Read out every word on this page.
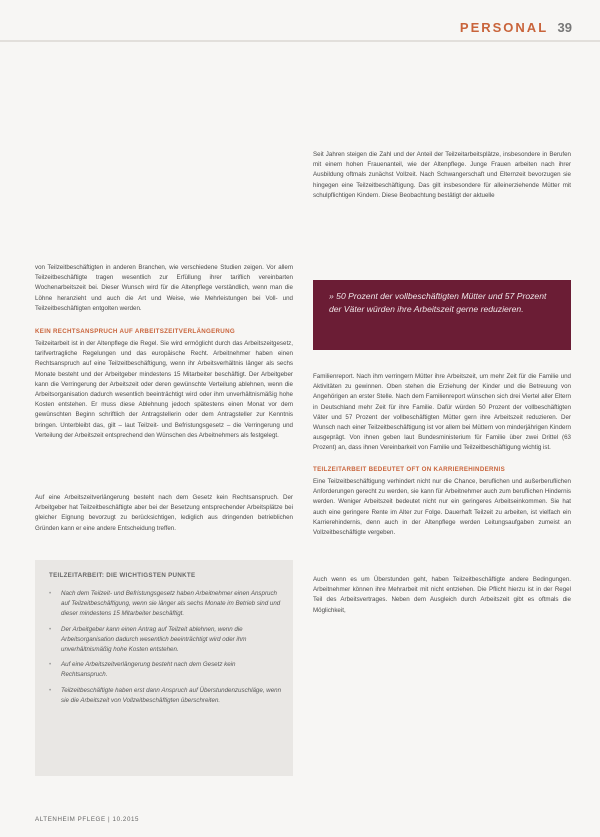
PERSONAL 39

Seit Jahren steigen die Zahl und der Anteil der Teilzeitarbeitsplätze, insbesondere in Berufen mit einem hohen Frauenanteil, wie der Altenpflege. Junge Frauen arbeiten nach ihrer Ausbildung oftmals zunächst Vollzeit. Nach Schwangerschaft und Elternzeit bevorzugen sie hingegen eine Teilzeitbeschäftigung. Das gilt insbesondere für alleinerziehende Mütter mit schulpflichtigen Kindern. Diese Beobachtung bestätigt der aktuelle

von Teilzeitbeschäftigten in anderen Branchen, wie verschiedene Studien zeigen. Vor allem Teilzeitbeschäftigte tragen wesentlich zur Erfüllung ihrer tariflich vereinbarten Wochenarbeitszeit bei. Dieser Wunsch wird für die Altenpflege verständlich, wenn man die Löhne heranzieht und auch die Art und Weise, wie Mehrleistungen bei Voll- und Teilzeitbeschäftigten entgolten werden.

» 50 Prozent der vollbeschäftigten Mütter und 57 Prozent der Väter würden ihre Arbeitszeit gerne reduzieren.

KEIN RECHTSANSPRUCH AUF ARBEITSZEITVERLÄNGERUNG

Teilzeitarbeit ist in der Altenpflege die Regel. Sie wird ermöglicht durch das Arbeitszeitgesetz, tarifvertragliche Regelungen und das europäische Recht. Arbeitnehmer haben einen Rechtsanspruch auf eine Teilzeitbeschäftigung, wenn ihr Arbeitsverhältnis länger als sechs Monate besteht und der Arbeitgeber mindestens 15 Mitarbeiter beschäftigt. Der Arbeitgeber kann die Verringerung der Arbeitszeit oder deren gewünschte Verteilung ablehnen, wenn die Arbeitsorganisation dadurch wesentlich beeinträchtigt wird oder ihm unverhältnismäßig hohe Kosten entstehen. Er muss diese Ablehnung jedoch spätestens einen Monat vor dem gewünschten Beginn schriftlich der Antragstellerin oder dem Antragsteller zur Kenntnis bringen. Unterbleibt das, gilt – laut Teilzeit- und Befristungsgesetz – die Verringerung und Verteilung der Arbeitszeit entsprechend den Wünschen des Arbeitnehmers als festgelegt.

Auf eine Arbeitszeitverlängerung besteht nach dem Gesetz kein Rechtsanspruch. Der Arbeitgeber hat Teilzeitbeschäftigte aber bei der Besetzung entsprechender Arbeitsplätze bei gleicher Eignung bevorzugt zu berücksichtigen, lediglich aus dringenden betrieblichen Gründen kann er eine andere Entscheidung treffen.

TEILZEITARBEIT: DIE WICHTIGSTEN PUNKTE
• Nach dem Teilzeit- und Befristungsgesetz haben Arbeitnehmer einen Anspruch auf Teilzeitbeschäftigung, wenn sie länger als sechs Monate im Betrieb sind und dieser mindestens 15 Mitarbeiter beschäftigt.
• Der Arbeitgeber kann einen Antrag auf Teilzeit ablehnen, wenn die Arbeitsorganisation dadurch wesentlich beeinträchtigt wird oder ihm unverhältnismäßig hohe Kosten entstehen.
• Auf eine Arbeitszeitverlängerung besteht nach dem Gesetz kein Rechtsanspruch.
• Teilzeitbeschäftigte haben erst dann Anspruch auf Überstundenzuschläge, wenn sie die Arbeitszeit von Vollzeitbeschäftigten überschreiten.

Familienreport. Nach ihm verringern Mütter ihre Arbeitszeit, um mehr Zeit für die Familie und Aktivitäten zu gewinnen. Oben stehen die Erziehung der Kinder und die Betreuung von Angehörigen an erster Stelle. Nach dem Familienreport wünschen sich drei Viertel aller Eltern in Deutschland mehr Zeit für ihre Familie. Dafür würden 50 Prozent der vollbeschäftigten Väter und 57 Prozent der vollbeschäftigten Mütter gern ihre Arbeitszeit reduzieren. Der Wunsch nach einer Teilzeitbeschäftigung ist vor allem bei Müttern von minderjährigen Kindern ausgeprägt. Von ihnen geben laut Bundesministerium für Familie über zwei Drittel (63 Prozent) an, dass ihnen Vereinbarkeit von Familie und Teilzeitbeschäftigung wichtig ist.

TEILZEITARBEIT BEDEUTET OFT ON KARRIEREHINDERNIS

Eine Teilzeitbeschäftigung verhindert nicht nur die Chance, beruflichen und außerberuflichen Anforderungen gerecht zu werden, sie kann für Arbeitnehmer auch zum beruflichen Hindernis werden. Weniger Arbeitszeit bedeutet nicht nur ein geringeres Arbeitseinkommen. Sie hat auch eine geringere Rente im Alter zur Folge. Dauerhaft Teilzeit zu arbeiten, ist vielfach ein Karrierehindernis, denn auch in der Altenpflege werden Leitungsaufgaben zumeist an Vollzeitbeschäftigte vergeben.

Auch wenn es um Überstunden geht, haben Teilzeitbeschäftigte andere Bedingungen. Arbeitnehmer können ihre Mehrarbeit mit nicht entziehen. Die Pflicht hierzu ist in der Regel Teil des Arbeitsvertrages. Neben dem Ausgleich durch Arbeitszeit gibt es oftmals die Möglichkeit,

ALTENHEIM PFLEGE | 10.2015
